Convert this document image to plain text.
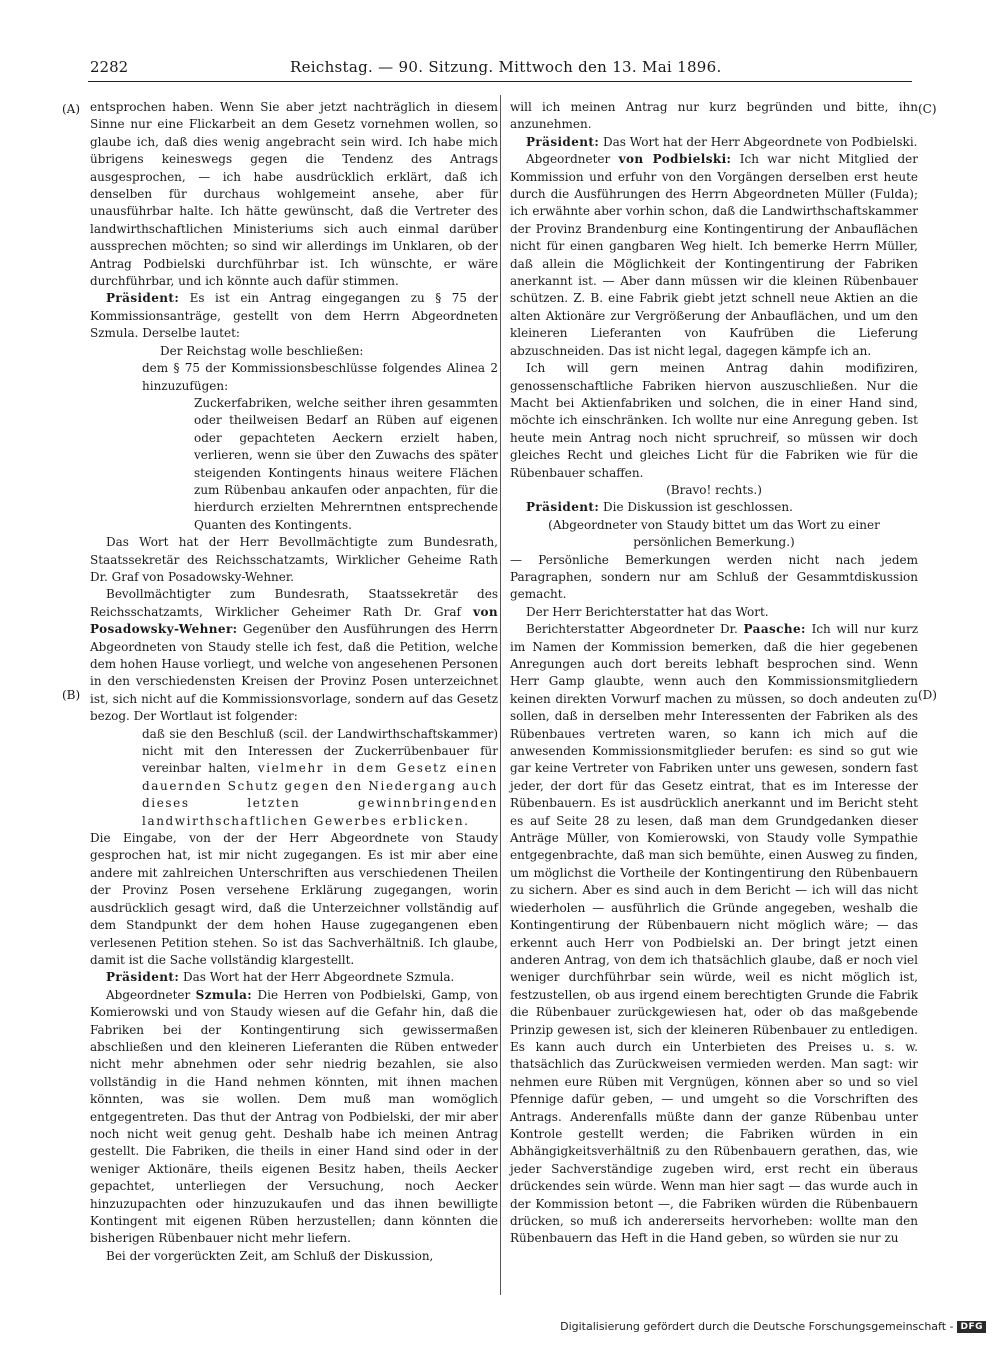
2282	Reichstag. — 90. Sitzung. Mittwoch den 13. Mai 1896.
(A)
(B)
(C)
(D)

entsprochen haben. Wenn Sie aber jetzt nachträglich in diesem Sinne nur eine Flickarbeit an dem Gesetz vornehmen wollen, so glaube ich, daß dies wenig angebracht sein wird. Ich habe mich übrigens keineswegs gegen die Tendenz des Antrags ausgesprochen, — ich habe ausdrücklich erklärt, daß ich denselben für durchaus wohlgemeint ansehe, aber für unausführbar halte. Ich hätte gewünscht, daß die Vertreter des landwirthschaftlichen Ministeriums sich auch einmal darüber aussprechen möchten; so sind wir allerdings im Unklaren, ob der Antrag Podbielski durchführbar ist. Ich wünschte, er wäre durchführbar, und ich könnte auch dafür stimmen.

Präsident: Es ist ein Antrag eingegangen zu § 75 der Kommissionsanträge, gestellt von dem Herrn Abgeordneten Szmula. Derselbe lautet:

Der Reichstag wolle beschließen:

dem § 75 der Kommissionsbeschlüsse folgendes Alinea 2 hinzuzufügen:

Zuckerfabriken, welche seither ihren gesammten oder theilweisen Bedarf an Rüben auf eigenen oder gepachteten Aeckern erzielt haben, verlieren, wenn sie über den Zuwachs des später steigenden Kontingents hinaus weitere Flächen zum Rübenbau ankaufen oder anpachten, für die hierdurch erzielten Mehrerntnen entsprechende Quanten des Kontingents.

Das Wort hat der Herr Bevollmächtigte zum Bundesrath, Staatssekretär des Reichsschatzamts, Wirklicher Geheime Rath Dr. Graf von Posadowsky-Wehner.

Bevollmächtigter zum Bundesrath, Staatssekretär des Reichsschatzamts, Wirklicher Geheimer Rath Dr. Graf von Posadowsky-Wehner: Gegenüber den Ausführungen des Herrn Abgeordneten von Staudy stelle ich fest, daß die Petition, welche dem hohen Hause vorliegt, und welche von angesehenen Personen in den verschiedensten Kreisen der Provinz Posen unterzeichnet ist, sich nicht auf die Kommissionsvorlage, sondern auf das Gesetz bezog. Der Wortlaut ist folgender:

daß sie den Beschluß (scil. der Landwirthschaftskammer) nicht mit den Interessen der Zuckerrübenbauer für vereinbar halten, vielmehr in dem Gesetz einen dauernden Schutz gegen den Niedergang auch dieses letzten gewinnbringenden landwirthschaftlichen Gewerbes erblicken.

Die Eingabe, von der der Herr Abgeordnete von Staudy gesprochen hat, ist mir nicht zugegangen. Es ist mir aber eine andere mit zahlreichen Unterschriften aus verschiedenen Theilen der Provinz Posen versehene Erklärung zugegangen, worin ausdrücklich gesagt wird, daß die Unterzeichner vollständig auf dem Standpunkt der dem hohen Hause zugegangenen eben verlesenen Petition stehen. So ist das Sachverhältniß. Ich glaube, damit ist die Sache vollständig klargestellt.

Präsident: Das Wort hat der Herr Abgeordnete Szmula.

Abgeordneter Szmula: Die Herren von Podbielski, Gamp, von Komierowski und von Staudy wiesen auf die Gefahr hin, daß die Fabriken bei der Kontingentirung sich gewissermaßen abschließen und den kleineren Lieferanten die Rüben entweder nicht mehr abnehmen oder sehr niedrig bezahlen, sie also vollständig in die Hand nehmen könnten, mit ihnen machen könnten, was sie wollen. Dem muß man womöglich entgegentreten. Das thut der Antrag von Podbielski, der mir aber noch nicht weit genug geht. Deshalb habe ich meinen Antrag gestellt. Die Fabriken, die theils in einer Hand sind oder in der weniger Aktionäre, theils eigenen Besitz haben, theils Aecker gepachtet, unterliegen der Versuchung, noch Aecker hinzuzupachten oder hinzuzukaufen und das ihnen bewilligte Kontingent mit eigenen Rüben herzustellen; dann könnten die bisherigen Rübenbauer nicht mehr liefern.

Bei der vorgerückten Zeit, am Schluß der Diskussion,

will ich meinen Antrag nur kurz begründen und bitte, ihn anzunehmen.

Präsident: Das Wort hat der Herr Abgeordnete von Podbielski.

Abgeordneter von Podbielski: Ich war nicht Mitglied der Kommission und erfuhr von den Vorgängen derselben erst heute durch die Ausführungen des Herrn Abgeordneten Müller (Fulda); ich erwähnte aber vorhin schon, daß die Landwirthschaftskammer der Provinz Brandenburg eine Kontingentirung der Anbauflächen nicht für einen gangbaren Weg hielt. Ich bemerke Herrn Müller, daß allein die Möglichkeit der Kontingentirung der Fabriken anerkannt ist. — Aber dann müssen wir die kleinen Rübenbauer schützen. Z. B. eine Fabrik giebt jetzt schnell neue Aktien an die alten Aktionäre zur Vergrößerung der Anbauflächen, und um den kleineren Lieferanten von Kaufrüben die Lieferung abzuschneiden. Das ist nicht legal, dagegen kämpfe ich an.

Ich will gern meinen Antrag dahin modifiziren, genossenschaftliche Fabriken hiervon auszuschließen. Nur die Macht bei Aktienfabriken und solchen, die in einer Hand sind, möchte ich einschränken. Ich wollte nur eine Anregung geben. Ist heute mein Antrag noch nicht spruchreif, so müssen wir doch gleiches Recht und gleiches Licht für die Fabriken wie für die Rübenbauer schaffen.

(Bravo! rechts.)

Präsident: Die Diskussion ist geschlossen.

(Abgeordneter von Staudy bittet um das Wort zu einer persönlichen Bemerkung.)

— Persönliche Bemerkungen werden nicht nach jedem Paragraphen, sondern nur am Schluß der Gesammtdiskussion gemacht.

Der Herr Berichterstatter hat das Wort.

Berichterstatter Abgeordneter Dr. Paasche: Ich will nur kurz im Namen der Kommission bemerken, daß die hier gegebenen Anregungen auch dort bereits lebhaft besprochen sind. Wenn Herr Gamp glaubte, wenn auch den Kommissionsmitgliedern keinen direkten Vorwurf machen zu müssen, so doch andeuten zu sollen, daß in derselben mehr Interessenten der Fabriken als des Rübenbaues vertreten waren, so kann ich mich auf die anwesenden Kommissionsmitglieder berufen: es sind so gut wie gar keine Vertreter von Fabriken unter uns gewesen, sondern fast jeder, der dort für das Gesetz eintrat, that es im Interesse der Rübenbauern. Es ist ausdrücklich anerkannt und im Bericht steht es auf Seite 28 zu lesen, daß man dem Grundgedanken dieser Anträge Müller, von Komierowski, von Staudy volle Sympathie entgegenbrachte, daß man sich bemühte, einen Ausweg zu finden, um möglichst die Vortheile der Kontingentirung den Rübenbauern zu sichern. Aber es sind auch in dem Bericht — ich will das nicht wiederholen — ausführlich die Gründe angegeben, weshalb die Kontingentirung der Rübenbauern nicht möglich wäre; — das erkennt auch Herr von Podbielski an. Der bringt jetzt einen anderen Antrag, von dem ich thatsächlich glaube, daß er noch viel weniger durchführbar sein würde, weil es nicht möglich ist, festzustellen, ob aus irgend einem berechtigten Grunde die Fabrik die Rübenbauer zurückgewiesen hat, oder ob das maßgebende Prinzip gewesen ist, sich der kleineren Rübenbauer zu entledigen. Es kann auch durch ein Unterbieten des Preises u. s. w. thatsächlich das Zurückweisen vermieden werden. Man sagt: wir nehmen eure Rüben mit Vergnügen, können aber so und so viel Pfennige dafür geben, — und umgeht so die Vorschriften des Antrags. Anderenfalls müßte dann der ganze Rübenbau unter Kontrole gestellt werden; die Fabriken würden in ein Abhängigkeitsverhältniß zu den Rübenbauern gerathen, das, wie jeder Sachverständige zugeben wird, erst recht ein überaus drückendes sein würde. Wenn man hier sagt — das wurde auch in der Kommission betont —, die Fabriken würden die Rübenbauern drücken, so muß ich andererseits hervorheben: wollte man den Rübenbauern das Heft in die Hand geben, so würden sie nur zu

Digitalisierung gefördert durch die Deutsche Forschungsgemeinschaft - DFG
